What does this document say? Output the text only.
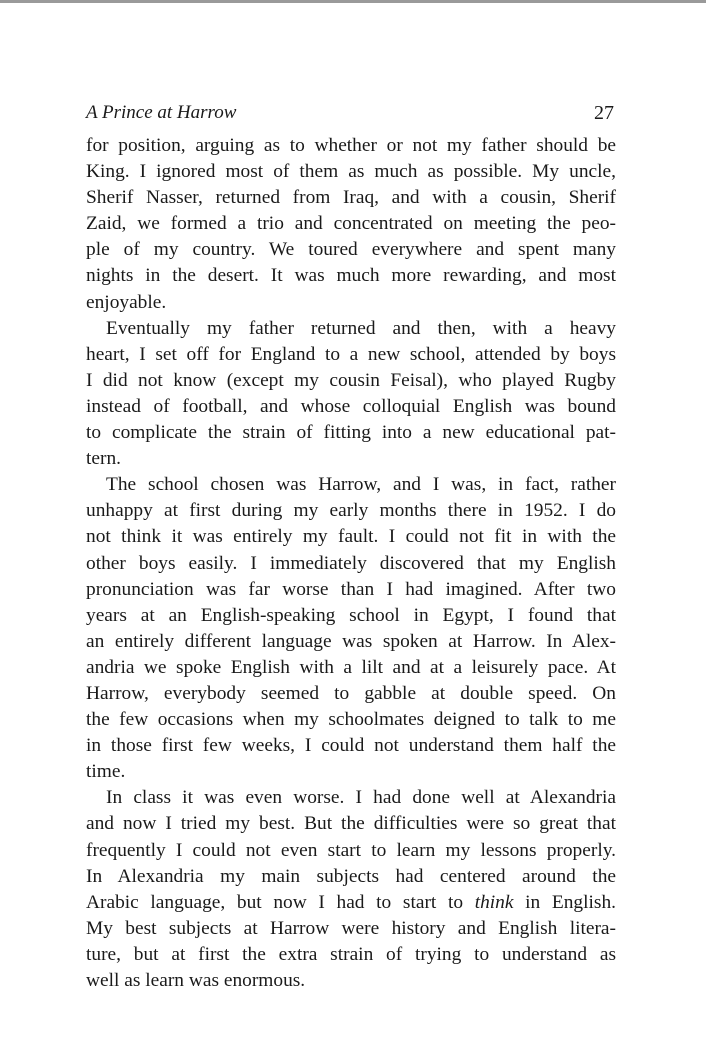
A Prince at Harrow	27

for position, arguing as to whether or not my father should be
King. I ignored most of them as much as possible. My uncle,
Sherif Nasser, returned from Iraq, and with a cousin, Sherif
Zaid, we formed a trio and concentrated on meeting the peo-
ple of my country. We toured everywhere and spent many
nights in the desert. It was much more rewarding, and most
enjoyable.

Eventually my father returned and then, with a heavy
heart, I set off for England to a new school, attended by boys
I did not know (except my cousin Feisal), who played Rugby
instead of football, and whose colloquial English was bound
to complicate the strain of fitting into a new educational pat-
tern.

The school chosen was Harrow, and I was, in fact, rather
unhappy at first during my early months there in 1952. I do
not think it was entirely my fault. I could not fit in with the
other boys easily. I immediately discovered that my English
pronunciation was far worse than I had imagined. After two
years at an English-speaking school in Egypt, I found that
an entirely different language was spoken at Harrow. In Alex-
andria we spoke English with a lilt and at a leisurely pace. At
Harrow, everybody seemed to gabble at double speed. On
the few occasions when my schoolmates deigned to talk to me
in those first few weeks, I could not understand them half the
time.

In class it was even worse. I had done well at Alexandria
and now I tried my best. But the difficulties were so great that
frequently I could not even start to learn my lessons properly.
In Alexandria my main subjects had centered around the
Arabic language, but now I had to start to think in English.
My best subjects at Harrow were history and English litera-
ture, but at first the extra strain of trying to understand as
well as learn was enormous.
